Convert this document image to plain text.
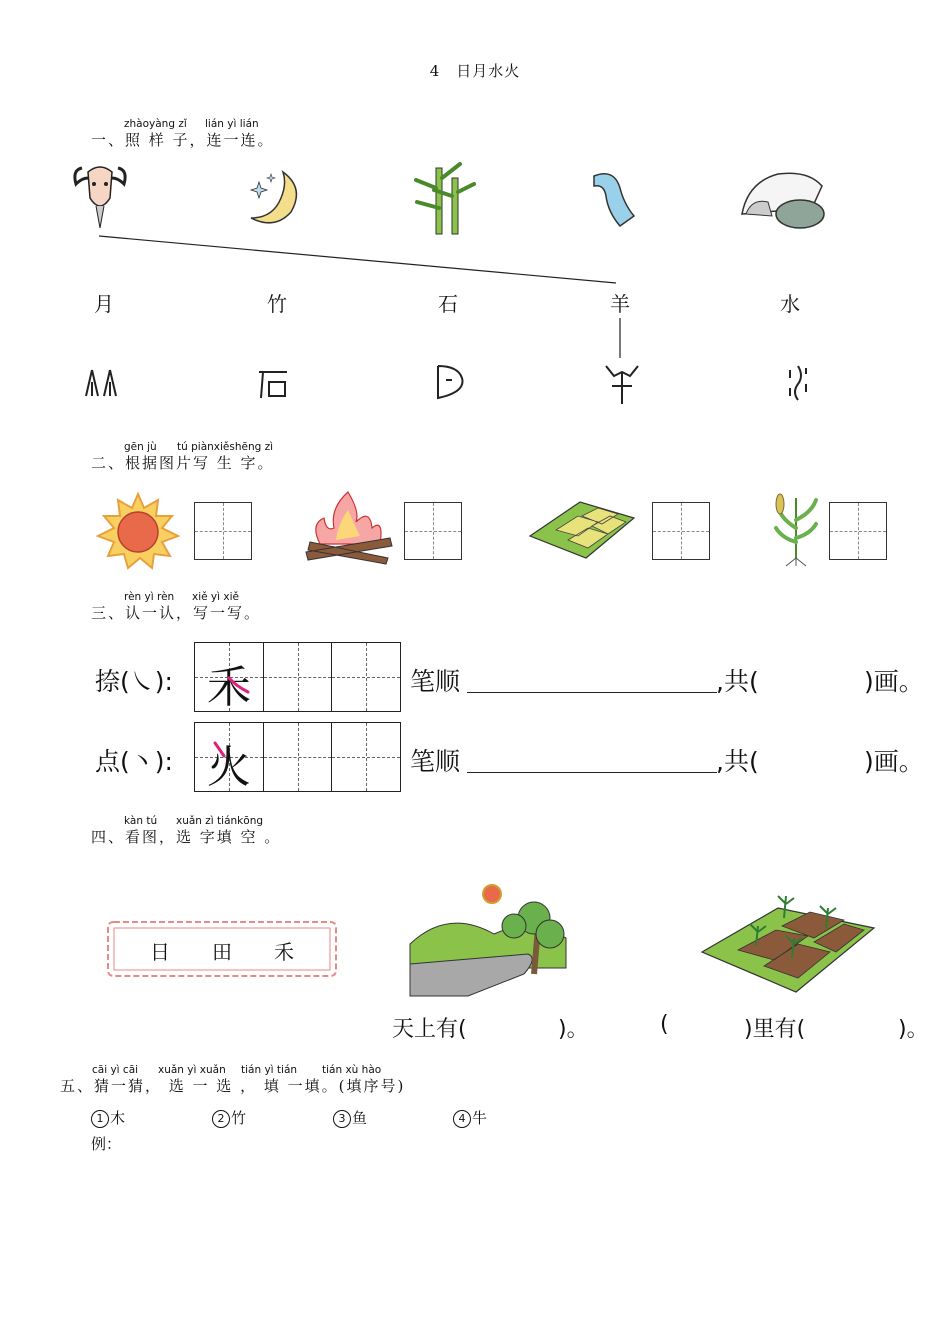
4　日月水火
zhàoyàng zǐ lián yì lián
一、照 样 子，连一连。
月	竹	石	羊	水
gēn jù tú piànxiěshēng zì
二、根据图片写 生 字。
rèn yì rèn xiě yì xiě
三、认一认，写一写。
捺(㇏): 禾	笔顺	,共(	)画。
点(丶): 火	笔顺	,共(	)画。
kàn tú xuǎn zì tiánkōng
四、看图，选 字填 空 。
日	田	禾
天上有(	)。	(	)里有(	)。
cāi yì cāi xuǎn yì xuǎn tián yì tián tián xù hào
五、猜一猜， 选 一 选 ， 填 一填。(填序号)
1 木	2 竹	3 鱼	4 牛
例：
